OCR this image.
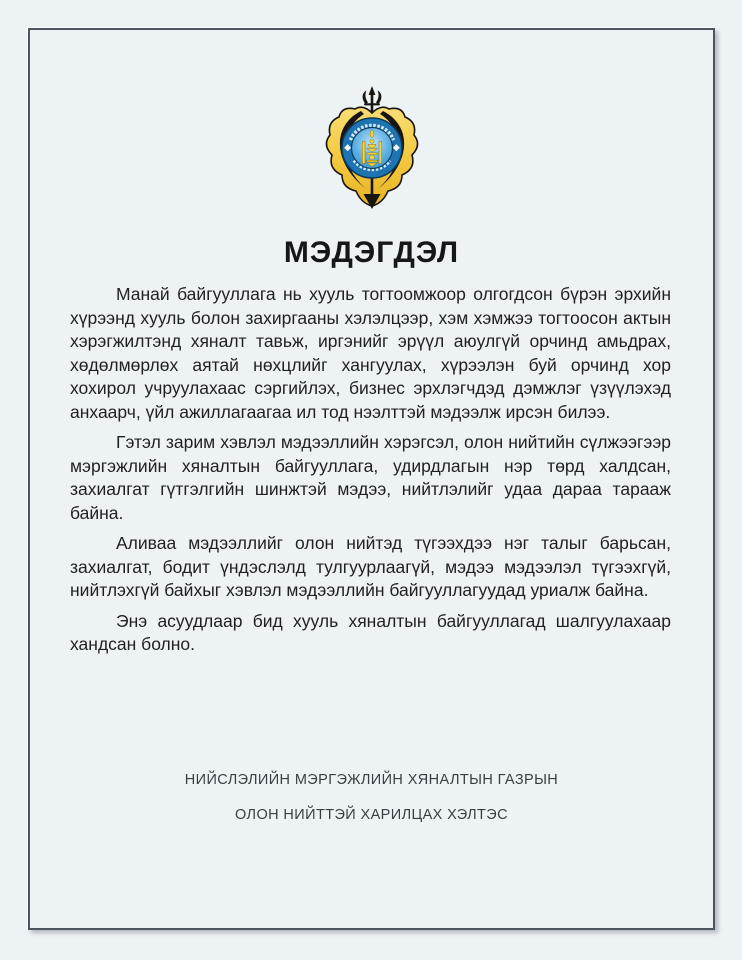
МЭДЭГДЭЛ

Манай байгууллага нь хууль тогтоомжоор олгогдсон бүрэн эрхийн хүрээнд хууль болон захиргааны хэлэлцээр, хэм хэмжээ тогтоосон актын хэрэгжилтэнд хяналт тавьж, иргэнийг эрүүл аюулгүй орчинд амьдрах, хөдөлмөрлөх аятай нөхцлийг хангуулах, хүрээлэн буй орчинд хор хохирол учруулахаас сэргийлэх, бизнес эрхлэгчдэд дэмжлэг үзүүлэхэд анхаарч, үйл ажиллагаагаа ил тод нээлттэй мэдээлж ирсэн билээ.

Гэтэл зарим хэвлэл мэдээллийн хэрэгсэл, олон нийтийн сүлжээгээр мэргэжлийн хяналтын байгууллага, удирдлагын нэр төрд халдсан, захиалгат гүтгэлгийн шинжтэй мэдээ, нийтлэлийг удаа дараа тарааж байна.

Аливаа мэдээллийг олон нийтэд түгээхдээ нэг талыг барьсан, захиалгат, бодит үндэслэлд тулгуурлаагүй, мэдээ мэдээлэл түгээхгүй, нийтлэхгүй байхыг хэвлэл мэдээллийн байгууллагуудад уриалж байна.

Энэ асуудлаар бид хууль хяналтын байгууллагад шалгуулахаар хандсан болно.

НИЙСЛЭЛИЙН МЭРГЭЖЛИЙН ХЯНАЛТЫН ГАЗРЫН

ОЛОН НИЙТТЭЙ ХАРИЛЦАХ ХЭЛТЭС
